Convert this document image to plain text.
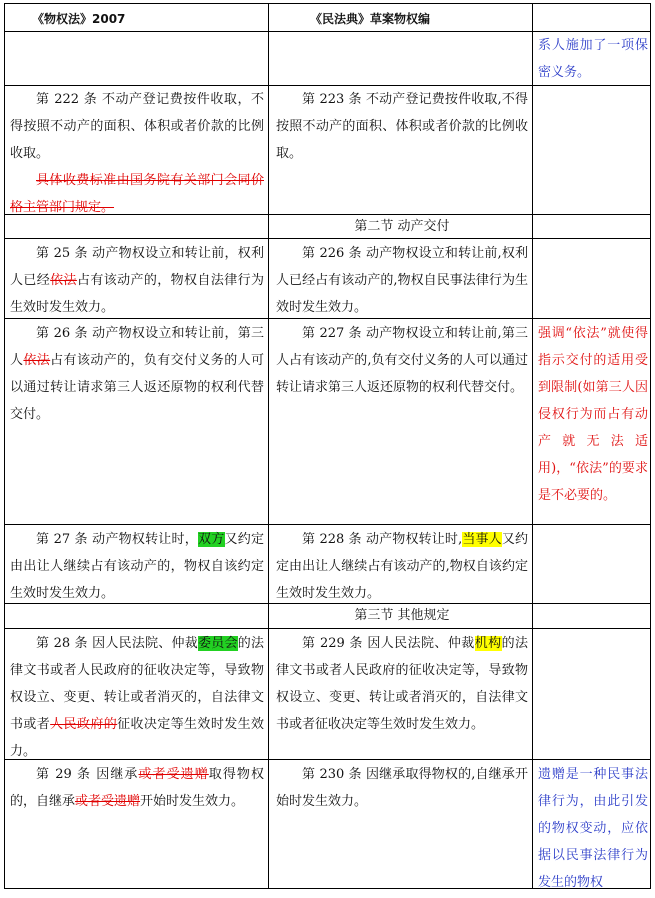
《物权法》2007	《民法典》草案物权编

系人施加了一项保密义务。

第 222 条 不动产登记费按件收取，不得按照不动产的面积、体积或者价款的比例收取。

具体收费标准由国务院有关部门会同价格主管部门规定。

第 223 条 不动产登记费按件收取,不得按照不动产的面积、体积或者价款的比例收取。

第二节 动产交付

第 25 条 动产物权设立和转让前，权利人已经依法占有该动产的，物权自法律行为生效时发生效力。

第 226 条 动产物权设立和转让前,权利人已经占有该动产的,物权自民事法律行为生效时发生效力。

第 26 条 动产物权设立和转让前，第三人依法占有该动产的，负有交付义务的人可以通过转让请求第三人返还原物的权利代替交付。

第 227 条 动产物权设立和转让前,第三人占有该动产的,负有交付义务的人可以通过转让请求第三人返还原物的权利代替交付。

强调“依法”就使得指示交付的适用受到限制(如第三人因侵权行为而占有动产就无法适用)，“依法”的要求是不必要的。

第 27 条 动产物权转让时，双方又约定由出让人继续占有该动产的，物权自该约定生效时发生效力。

第 228 条 动产物权转让时,当事人又约定由出让人继续占有该动产的,物权自该约定生效时发生效力。

第三节 其他规定

第 28 条 因人民法院、仲裁委员会的法律文书或者人民政府的征收决定等，导致物权设立、变更、转让或者消灭的，自法律文书或者人民政府的征收决定等生效时发生效力。

第 229 条 因人民法院、仲裁机构的法律文书或者人民政府的征收决定等，导致物权设立、变更、转让或者消灭的，自法律文书或者征收决定等生效时发生效力。

第 29 条 因继承或者受遗赠取得物权的，自继承或者受遗赠开始时发生效力。

第 230 条 因继承取得物权的,自继承开始时发生效力。

遗赠是一种民事法律行为，由此引发的物权变动，应依据以民事法律行为发生的物权
